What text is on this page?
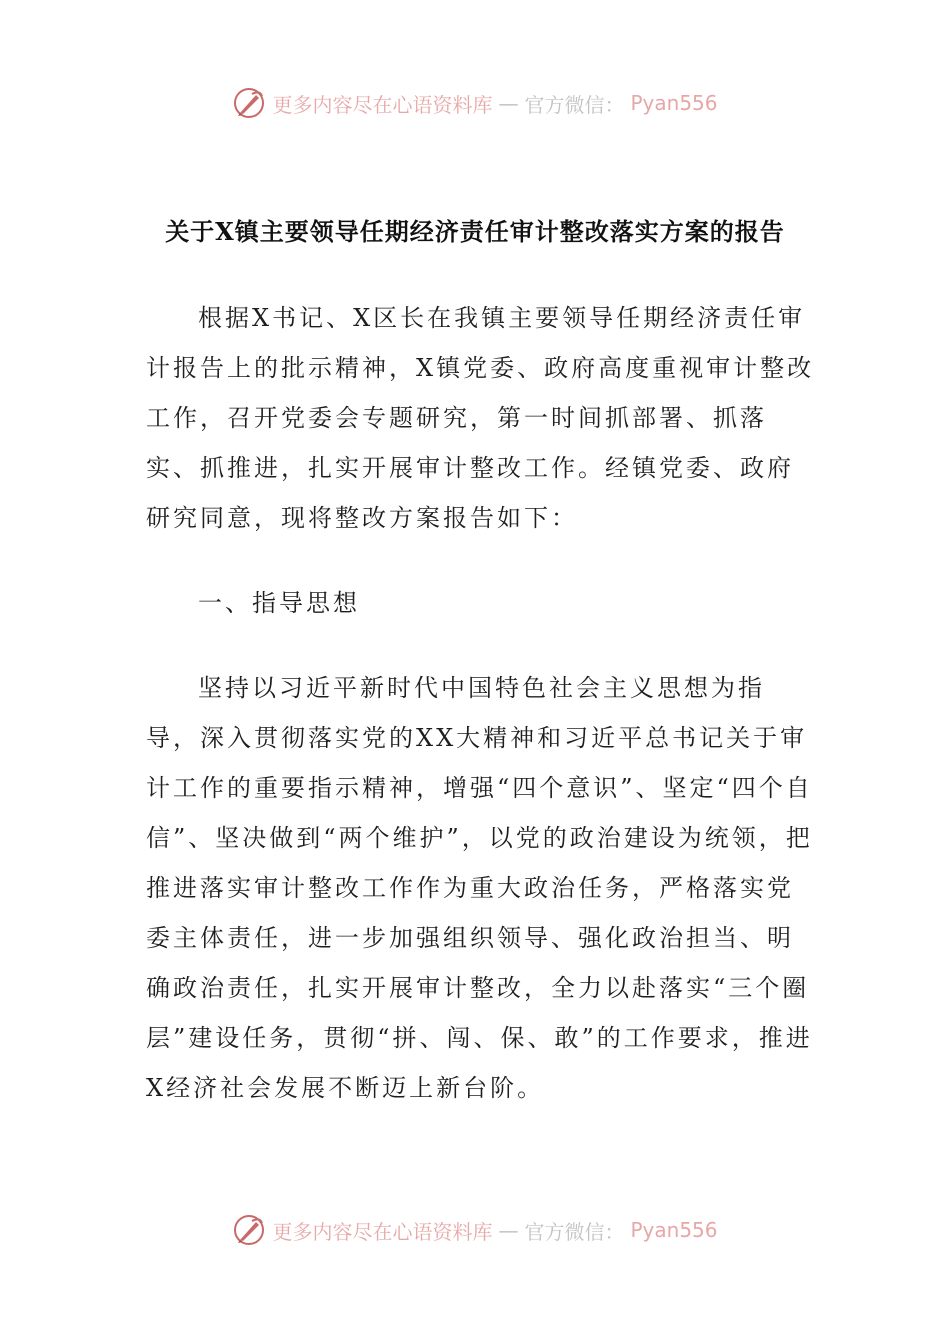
更多内容尽在心语资料库 — 官方微信： Pyan556
关于X镇主要领导任期经济责任审计整改落实方案的报告

根据X书记、X区长在我镇主要领导任期经济责任审计报告上的批示精神，X镇党委、政府高度重视审计整改工作，召开党委会专题研究，第一时间抓部署、抓落实、抓推进，扎实开展审计整改工作。经镇党委、政府研究同意，现将整改方案报告如下：

一、指导思想

坚持以习近平新时代中国特色社会主义思想为指导，深入贯彻落实党的XX大精神和习近平总书记关于审计工作的重要指示精神，增强“四个意识”、坚定“四个自信”、坚决做到“两个维护”，以党的政治建设为统领，把推进落实审计整改工作作为重大政治任务，严格落实党委主体责任，进一步加强组织领导、强化政治担当、明确政治责任，扎实开展审计整改，全力以赴落实“三个圈层”建设任务，贯彻“拼、闯、保、敢”的工作要求，推进X经济社会发展不断迈上新台阶。

更多内容尽在心语资料库 — 官方微信： Pyan556
